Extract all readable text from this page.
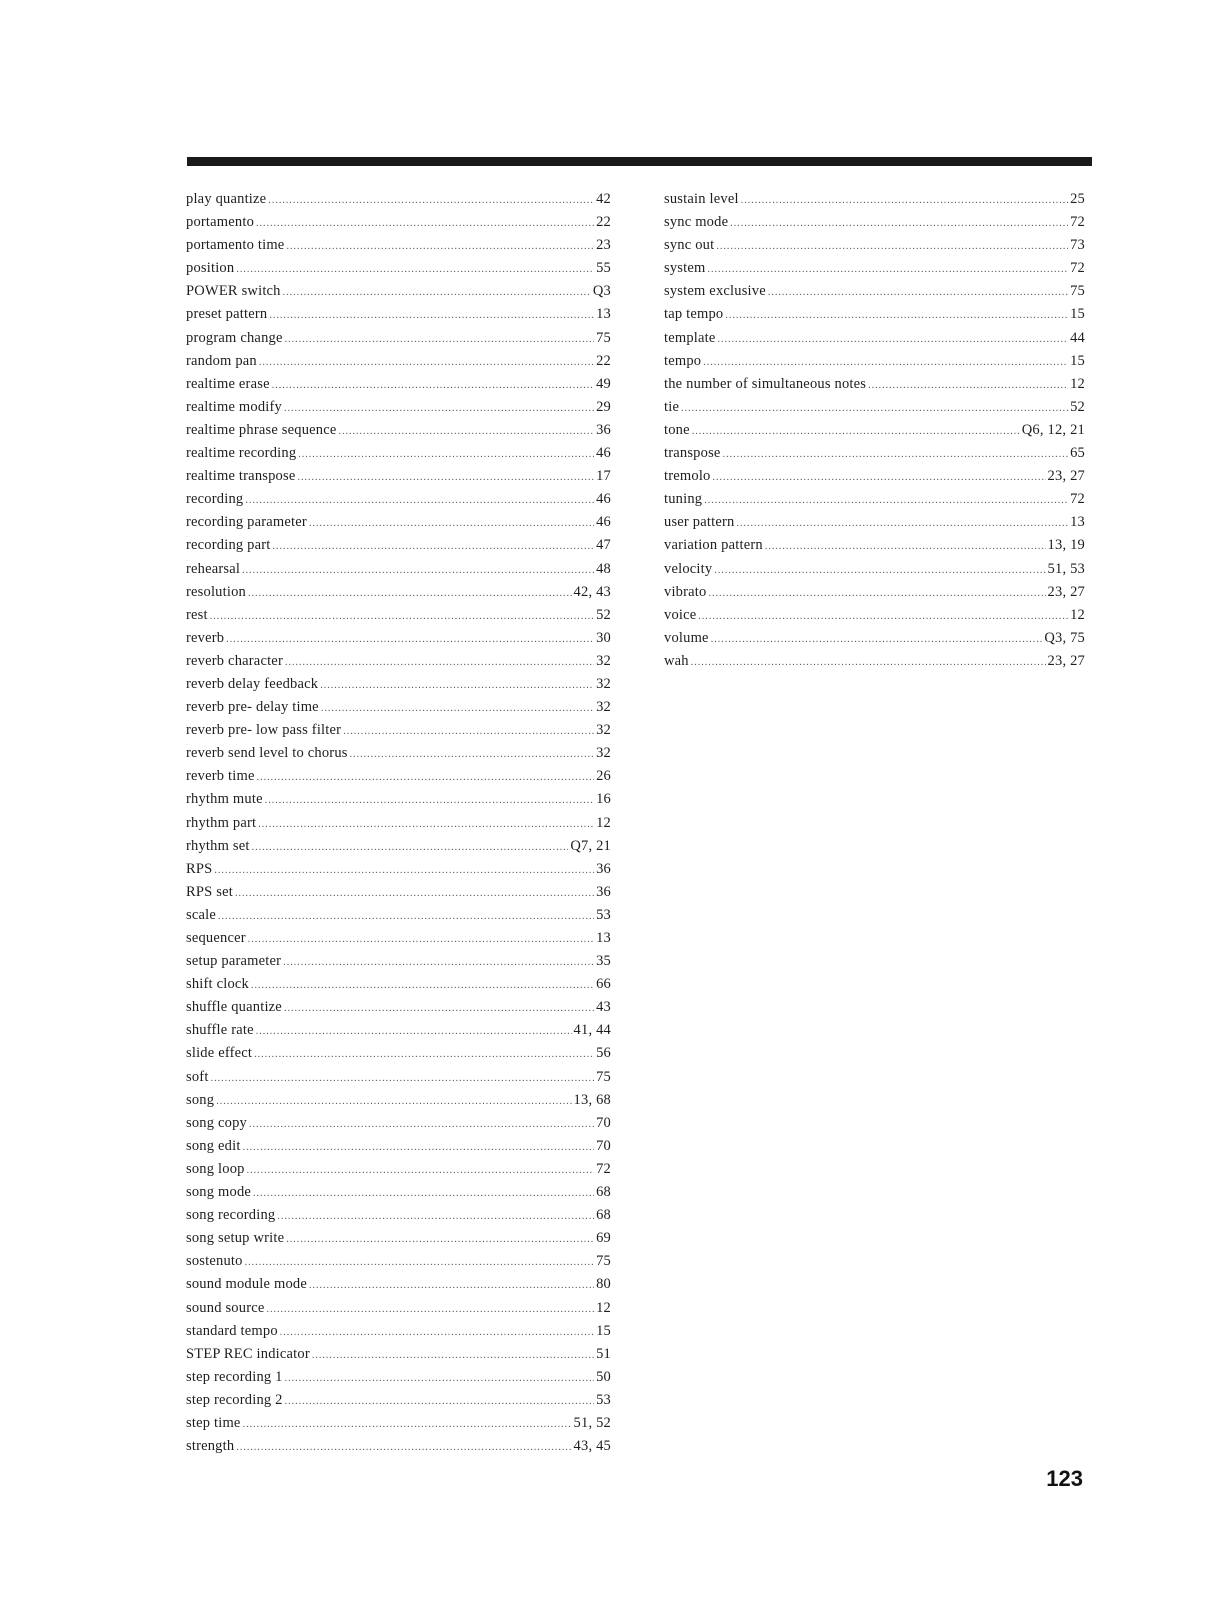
play quantize .....	42
portamento .....	22
portamento time .....	23
position .....	55
POWER switch .....	Q3
preset pattern .....	13
program change .....	75
random pan .....	22
realtime erase .....	49
realtime modify .....	29
realtime phrase sequence .....	36
realtime recording .....	46
realtime transpose .....	17
recording .....	46
recording parameter .....	46
recording part .....	47
rehearsal .....	48
resolution .....	42, 43
rest .....	52
reverb .....	30
reverb character .....	32
reverb delay feedback .....	32
reverb pre- delay time .....	32
reverb pre- low pass filter .....	32
reverb send level to chorus .....	32
reverb time .....	26
rhythm mute .....	16
rhythm part .....	12
rhythm set .....	Q7, 21
RPS .....	36
RPS set .....	36
scale .....	53
sequencer .....	13
setup parameter .....	35
shift clock .....	66
shuffle quantize .....	43
shuffle rate .....	41, 44
slide effect .....	56
soft .....	75
song .....	13, 68
song copy .....	70
song edit .....	70
song loop .....	72
song mode .....	68
song recording .....	68
song setup write .....	69
sostenuto .....	75
sound module mode .....	80
sound source .....	12
standard tempo .....	15
STEP REC indicator .....	51
step recording 1 .....	50
step recording 2 .....	53
step time .....	51, 52
strength .....	43, 45
sustain level .....	25
sync mode .....	72
sync out .....	73
system .....	72
system exclusive .....	75
tap tempo .....	15
template .....	44
tempo .....	15
the number of simultaneous notes .....	12
tie .....	52
tone .....	Q6, 12, 21
transpose .....	65
tremolo .....	23, 27
tuning .....	72
user pattern .....	13
variation pattern .....	13, 19
velocity .....	51, 53
vibrato .....	23, 27
voice .....	12
volume .....	Q3, 75
wah .....	23, 27
123
